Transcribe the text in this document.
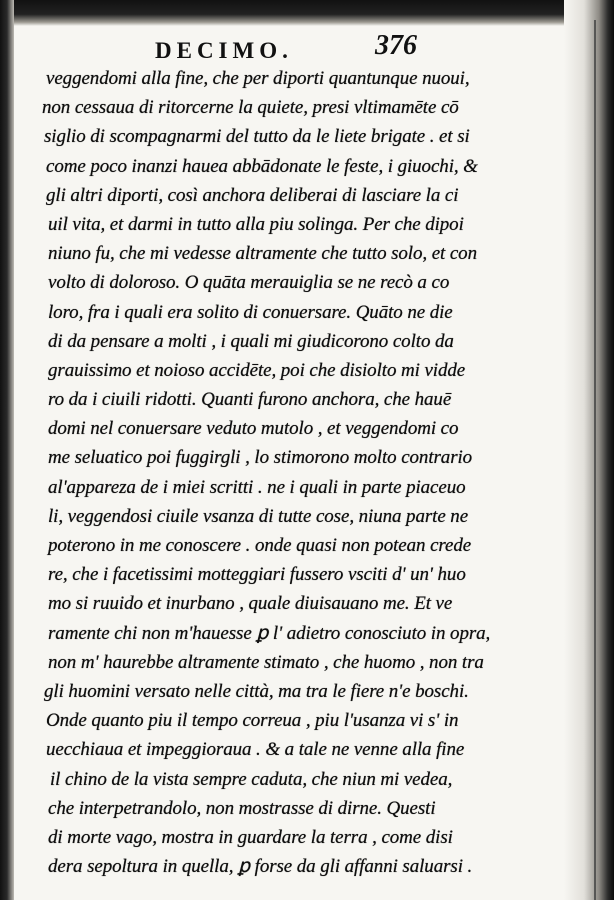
DECIMO.	376
veggendomi alla fine, che per diporti quantunque nuoui,
non cessaua di ritorcerne la quiete, presi vltimamēte cō
siglio di scompagnarmi del tutto da le liete brigate . et si
come poco inanzi hauea abbādonate le feste, i giuochi, &
gli altri diporti, così anchora deliberai di lasciare la ci
uil vita, et darmi in tutto alla piu solinga. Per che dipoi
niuno fu, che mi vedesse altramente che tutto solo, et con
volto di doloroso. O quāta merauiglia se ne recò a co
loro, fra i quali era solito di conuersare. Quāto ne die
di da pensare a molti , i quali mi giudicorono colto da
grauissimo et noioso accidēte, poi che disiolto mi vidde
ro da i ciuili ridotti. Quanti furono anchora, che hauē
domi nel conuersare veduto mutolo , et veggendomi co
me seluatico poi fuggirgli , lo stimorono molto contrario
al'appareza de i miei scritti . ne i quali in parte piaceuo
li, veggendosi ciuile vsanza di tutte cose, niuna parte ne
poterono in me conoscere . onde quasi non potean crede
re, che i facetissimi motteggiari fussero vsciti d' un' huo
mo si ruuido et inurbano , quale diuisauano me. Et ve
ramente chi non m'hauesse ꝑ l' adietro conosciuto in opra,
non m' haurebbe altramente stimato , che huomo , non tra
gli huomini versato nelle città, ma tra le fiere n'e boschi.
Onde quanto piu il tempo correua , piu l'usanza vi s' in
uecchiaua et impeggioraua . & a tale ne venne alla fine
il chino de la vista sempre caduta, che niun mi vedea,
che interpetrandolo, non mostrasse di dirne. Questi
di morte vago, mostra in guardare la terra , come disi
dera sepoltura in quella, ꝑ forse da gli affanni saluarsi .
